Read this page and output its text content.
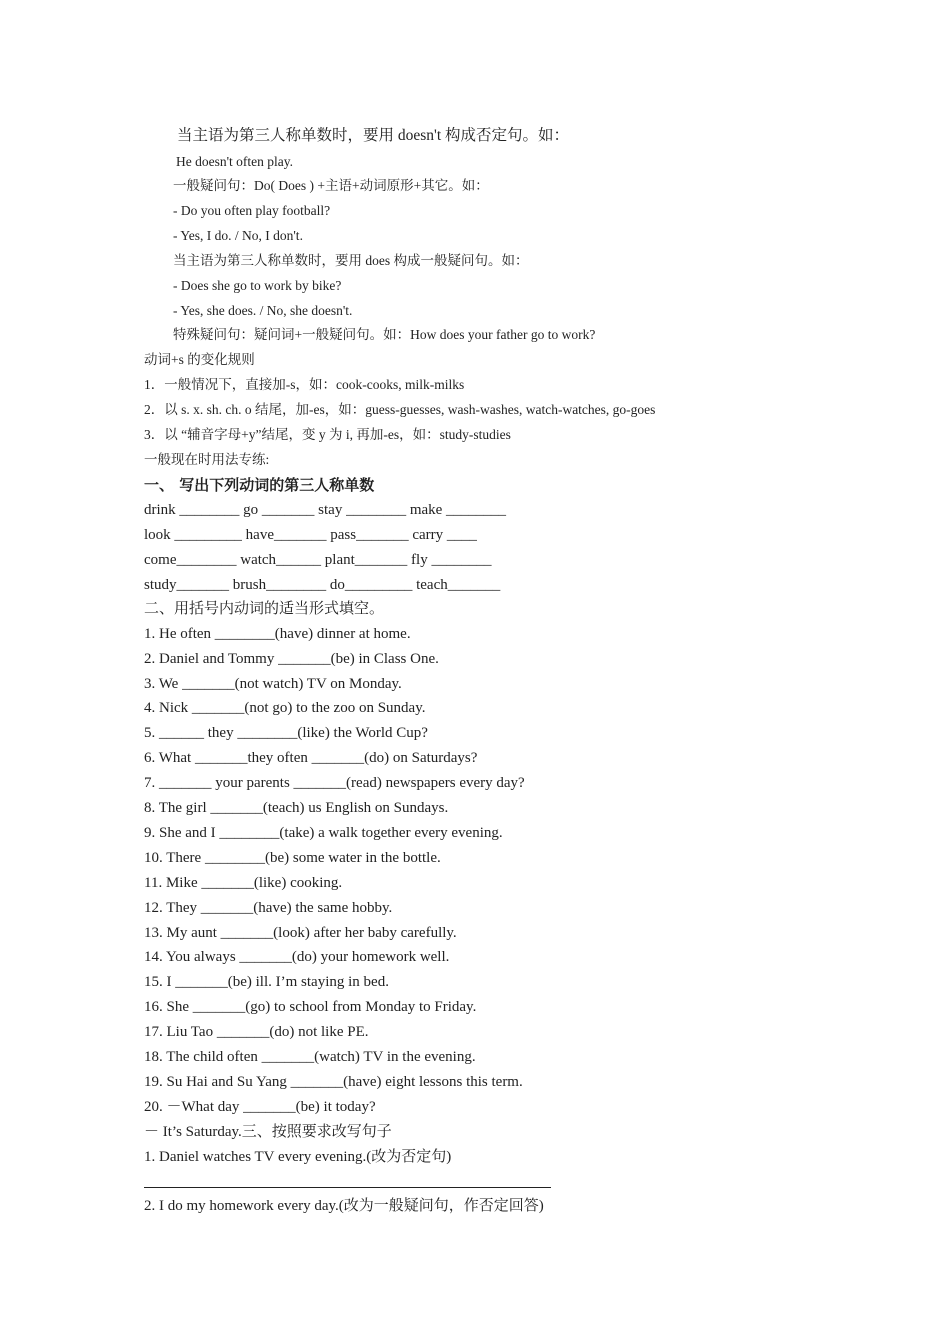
当主语为第三人称单数时，要用 doesn't 构成否定句。如：
He doesn't often play.
一般疑问句：Do( Does ) +主语+动词原形+其它。如：
- Do you often play football?
- Yes, I do. / No, I don't.
当主语为第三人称单数时，要用 does 构成一般疑问句。如：
- Does she go to work by bike?
- Yes, she does. / No, she doesn't.
特殊疑问句：疑问词+一般疑问句。如：How does your father go to work?
动词+s 的变化规则
1．一般情况下，直接加-s，如：cook-cooks, milk-milks
2．以 s. x. sh. ch. o 结尾，加-es，如：guess-guesses, wash-washes, watch-watches, go-goes
3．以 “辅音字母+y”结尾，变 y 为 i, 再加-es，如：study-studies
一般现在时用法专练:
一、 写出下列动词的第三人称单数
drink ________ go _______ stay ________ make ________
look _________ have_______ pass_______ carry ____
come________ watch______ plant_______ fly ________
study_______ brush________ do_________ teach_______
二、用括号内动词的适当形式填空。
1. He often ________(have) dinner at home.
2. Daniel and Tommy _______(be) in Class One.
3. We _______(not watch) TV on Monday.
4. Nick _______(not go) to the zoo on Sunday.
5. ______ they ________(like) the World Cup?
6. What _______they often _______(do) on Saturdays?
7. _______ your parents _______(read) newspapers every day?
8. The girl _______(teach) us English on Sundays.
9. She and I ________(take) a walk together every evening.
10. There ________(be) some water in the bottle.
11. Mike _______(like) cooking.
12. They _______(have) the same hobby.
13. My aunt _______(look) after her baby carefully.
14. You always _______(do) your homework well.
15. I _______(be) ill. I’m staying in bed.
16. She _______(go) to school from Monday to Friday.
17. Liu Tao _______(do) not like PE.
18. The child often _______(watch) TV in the evening.
19. Su Hai and Su Yang _______(have) eight lessons this term.
20. －What day _______(be) it today?
－ It’s Saturday.三、按照要求改写句子
1. Daniel watches TV every evening.(改为否定句)
2. I do my homework every day.(改为一般疑问句，作否定回答)
